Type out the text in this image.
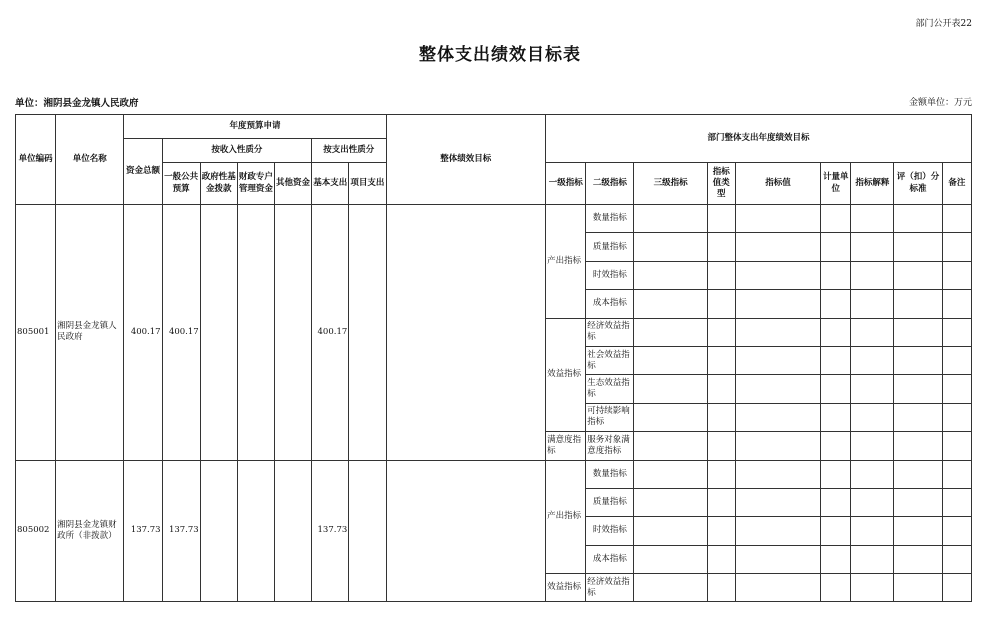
部门公开表22
整体支出绩效目标表
单位：湘阴县金龙镇人民政府	金额单位：万元
单位编码	单位名称	年度预算申请							整体绩效目标	部门整体支出年度绩效目标								
		资金总额	按收入性质分				按支出性质分											
			一般公共预算	政府性基金拨款	财政专户管理资金	其他资金	基本支出	项目支出		一级指标	二级指标	三级指标	指标值类型	指标值	计量单位	指标解释	评（扣）分标准	备注
805001	湘阴县金龙镇人民政府	400.17	400.17				400.17			产出指标	数量指标							
											质量指标							
											时效指标							
											成本指标							
										效益指标	经济效益指标							
											社会效益指标							
											生态效益指标							
											可持续影响指标							
										满意度指标	服务对象满意度指标							
805002	湘阴县金龙镇财政所（非拨款）	137.73	137.73				137.73			产出指标	数量指标							
											质量指标							
											时效指标							
											成本指标							
										效益指标	经济效益指标							
